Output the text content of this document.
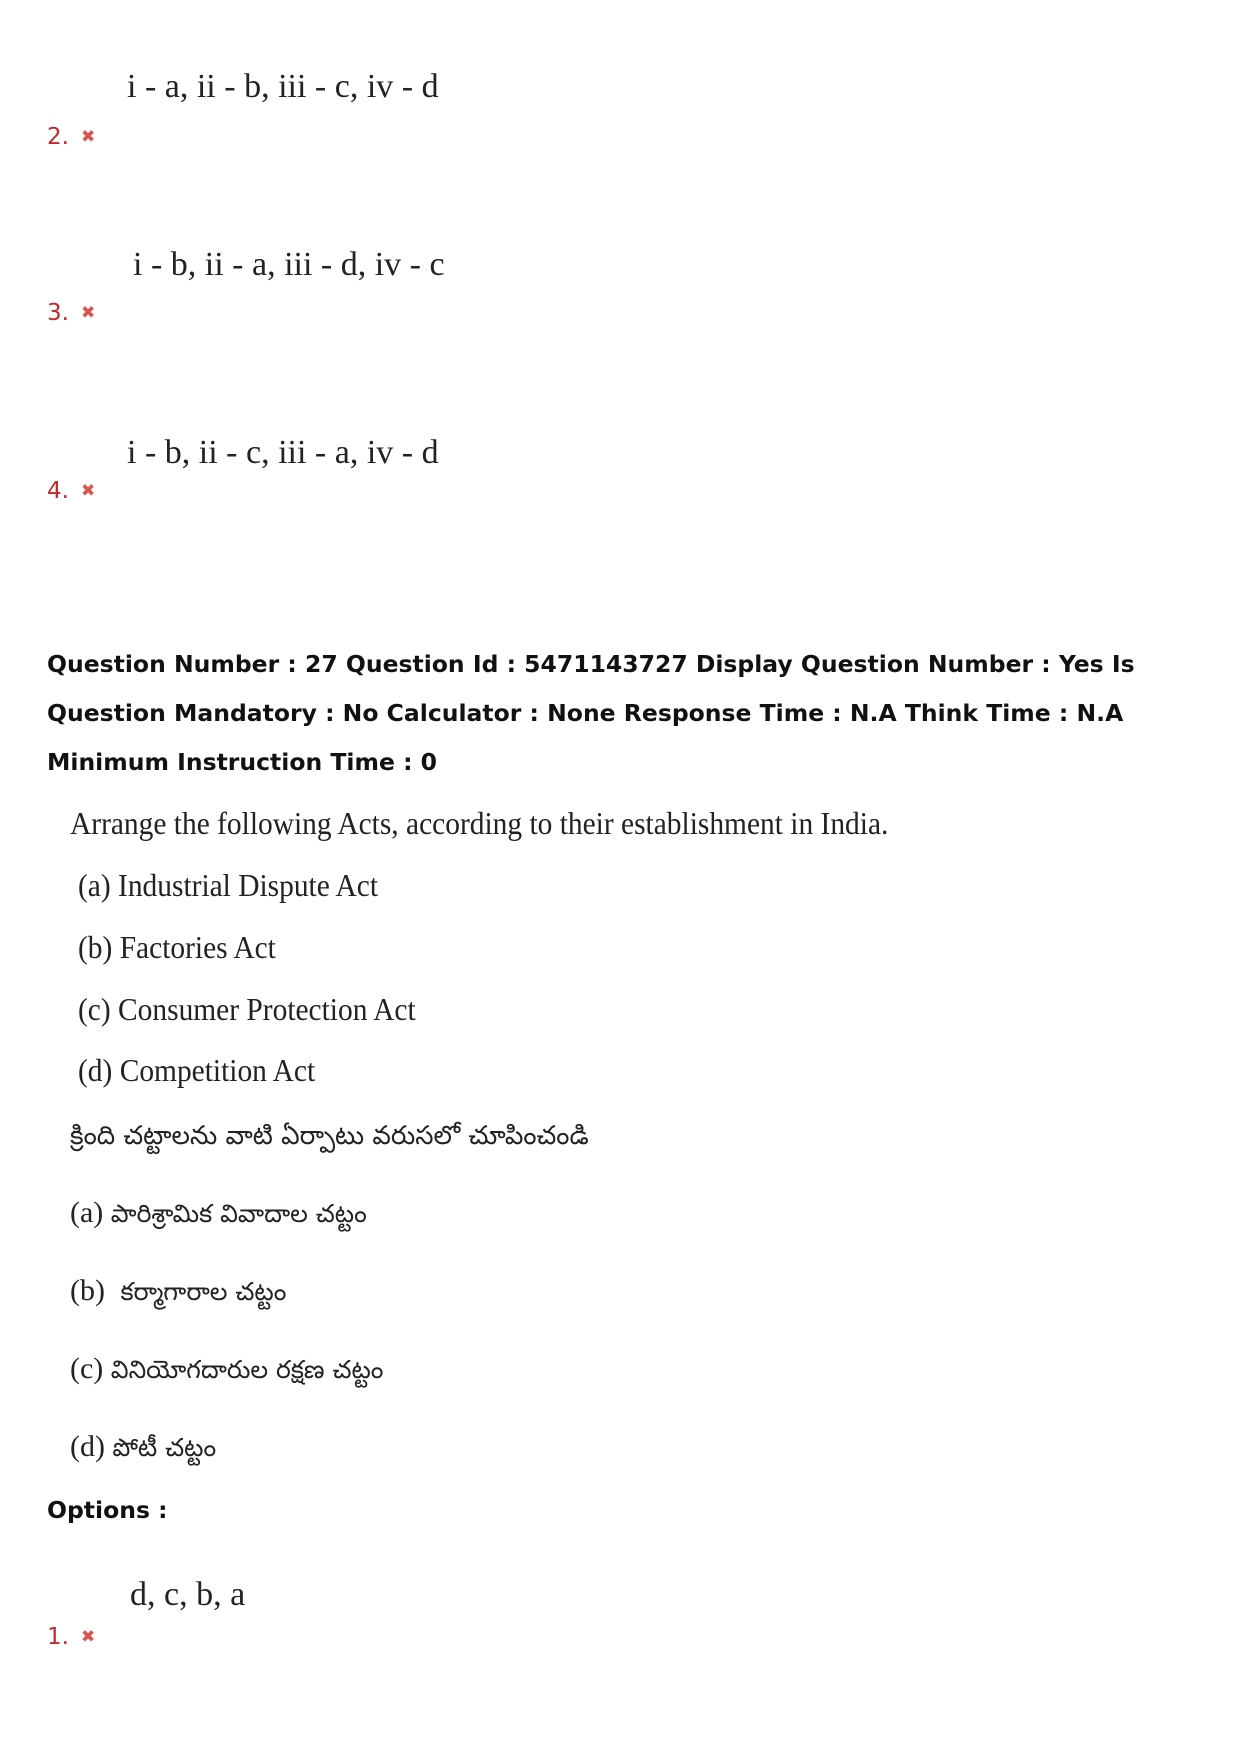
i - a, ii - b, iii - c, iv - d
2. ✖
i - b, ii - a, iii - d, iv - c
3. ✖
i - b, ii - c, iii - a, iv - d
4. ✖
Question Number : 27 Question Id : 5471143727 Display Question Number : Yes Is Question Mandatory : No Calculator : None Response Time : N.A Think Time : N.A Minimum Instruction Time : 0
Arrange the following Acts, according to their establishment in India.
(a) Industrial Dispute Act
(b) Factories Act
(c) Consumer Protection Act
(d) Competition Act
క్రింది చట్టాలను వాటి ఏర్పాటు వరుసలో చూపించండి
(a) పారిశ్రామిక వివాదాల చట్టం
(b) కర్మాగారాల చట్టం
(c) వినియోగదారుల రక్షణ చట్టం
(d) పోటీ చట్టం
Options :
d, c, b, a
1. ✖
